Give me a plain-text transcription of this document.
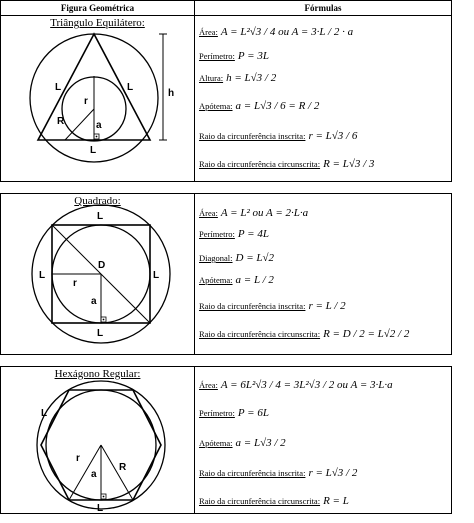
Figura Geométrica	Fórmulas
Triângulo Equilátero:
L	L
L
r
R	a
h
Área: A = L²√3 / 4 ou A = 3·L / 2 · a
Perímetro: P = 3L
Altura: h = L√3 / 2
Apótema: a = L√3 / 6 = R / 2
Raio da circunferência inscrita: r = L√3 / 6
Raio da circunferência circunscrita: R = L√3 / 3
Quadrado:
L
L	L
L
D
r
a
Área: A = L² ou A = 2·L·a
Perímetro: P = 4L
Diagonal: D = L√2
Apótema: a = L / 2
Raio da circunferência inscrita: r = L / 2
Raio da circunferência circunscrita: R = D / 2 = L√2 / 2
Hexágono Regular:
L
L
r
a
R
Área: A = 6L²√3 / 4 = 3L²√3 / 2 ou A = 3·L·a
Perímetro: P = 6L
Apótema: a = L√3 / 2
Raio da circunferência inscrita: r = L√3 / 2
Raio da circunferência circunscrita: R = L
